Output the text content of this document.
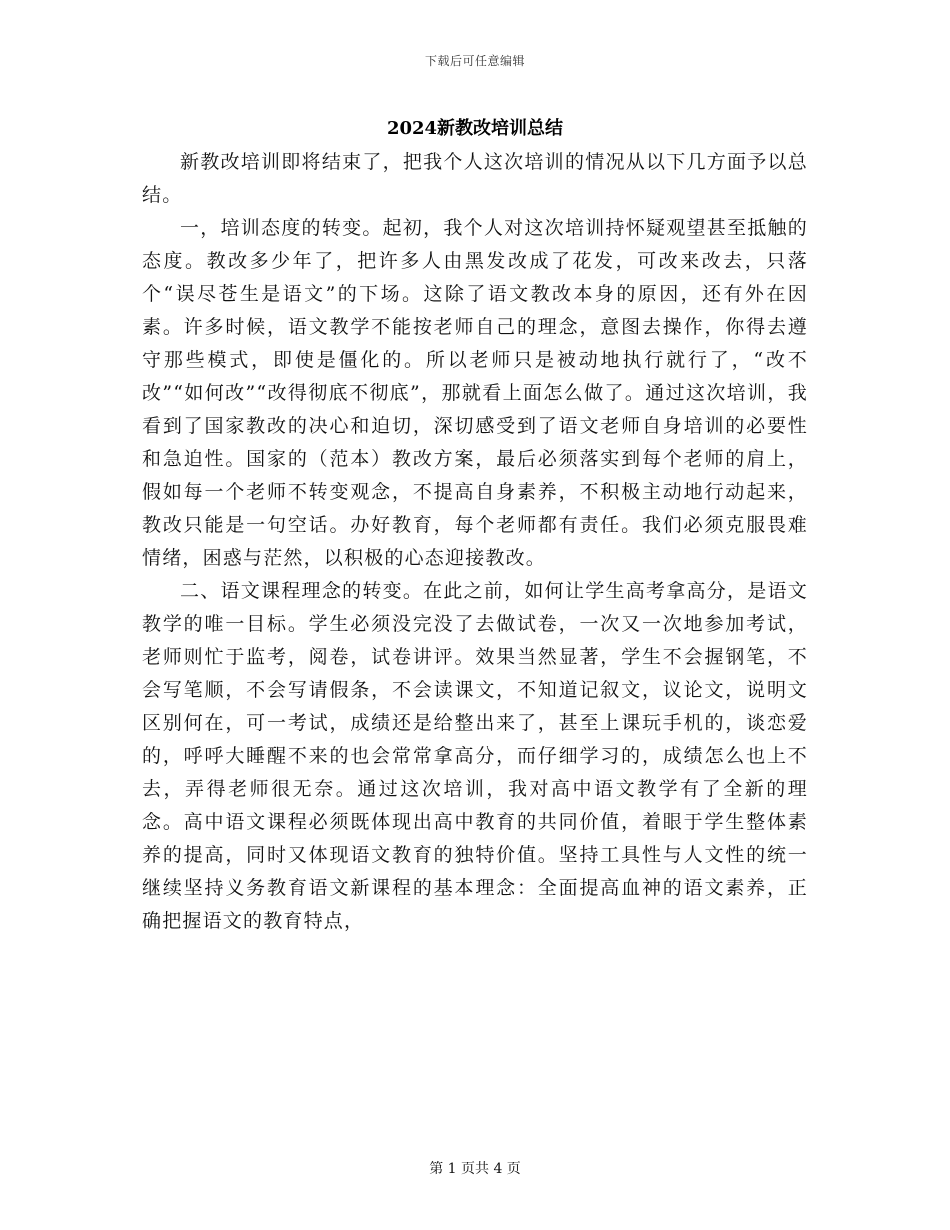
下载后可任意编辑
2024新教改培训总结

新教改培训即将结束了，把我个人这次培训的情况从以下几方面予以总结。

一，培训态度的转变。起初，我个人对这次培训持怀疑观望甚至抵触的态度。教改多少年了，把许多人由黑发改成了花发，可改来改去，只落个“误尽苍生是语文”的下场。这除了语文教改本身的原因，还有外在因素。许多时候，语文教学不能按老师自己的理念，意图去操作，你得去遵守那些模式，即使是僵化的。所以老师只是被动地执行就行了，“改不改”“如何改”“改得彻底不彻底”，那就看上面怎么做了。通过这次培训，我看到了国家教改的决心和迫切，深切感受到了语文老师自身培训的必要性和急迫性。国家的（范本）教改方案，最后必须落实到每个老师的肩上，假如每一个老师不转变观念，不提高自身素养，不积极主动地行动起来，教改只能是一句空话。办好教育，每个老师都有责任。我们必须克服畏难情绪，困惑与茫然，以积极的心态迎接教改。

二、语文课程理念的转变。在此之前，如何让学生高考拿高分，是语文教学的唯一目标。学生必须没完没了去做试卷，一次又一次地参加考试，老师则忙于监考，阅卷，试卷讲评。效果当然显著，学生不会握钢笔，不会写笔顺，不会写请假条，不会读课文，不知道记叙文，议论文，说明文区别何在，可一考试，成绩还是给整出来了，甚至上课玩手机的，谈恋爱的，呼呼大睡醒不来的也会常常拿高分，而仔细学习的，成绩怎么也上不去，弄得老师很无奈。通过这次培训，我对高中语文教学有了全新的理念。高中语文课程必须既体现出高中教育的共同价值，着眼于学生整体素养的提高，同时又体现语文教育的独特价值。坚持工具性与人文性的统一继续坚持义务教育语文新课程的基本理念：全面提高血神的语文素养，正确把握语文的教育特点，

第 1 页共 4 页
